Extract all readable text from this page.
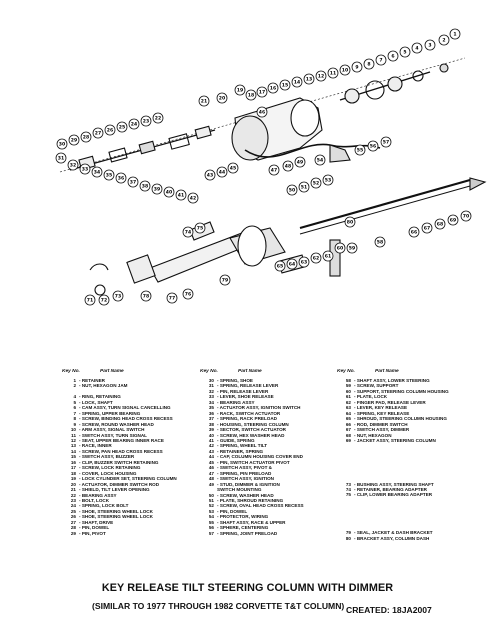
1
2
3
4
5
6
7
8
9
10
11
12
13
14
15
16
17
18
19
20
21
22
23
24
25
26
27
28
29
30
31
32
33
34
35
36
37
38
39
40
41
42
43
44
45
46
47
48
49
50
51
52
53
54
55
56
57
58
59
60
61
62
63
64
65
66
67
68
69
70
71 72
73
74
75
76
77
78
79
80
Key No.	Part Name
1 - RETAINER
2 - NUT, HEXAGON JAM
4 - RING, RETAINING
5 - LOCK, SHAFT
6 - CAM ASSY, TURN SIGNAL CANCELLING
7 - SPRING, UPPER BEARING
8 - SCREW, BINDING HEAD CROSS RECESS
9 - SCREW, ROUND WASHER HEAD
10 - ARM ASSY, SIGNAL SWITCH
11 - SWITCH ASSY, TURN SIGNAL
12 - SEAT, UPPER BEARING INNER RACE
13 - RACE, INNER
14 - SCREW, PAN HEAD CROSS RECESS
15 - SWITCH ASSY, BUZZER
16 - CLIP, BUZZER SWITCH RETAINING
17 - SCREW, LOCK RETAINING
18 - COVER, LOCK HOUSING
19 - LOCK CYLINDER SET, STEERING COLUMN
20 - ACTUATOR, DIMMER SWITCH ROD
21 - SHIELD, TILT LEVER OPENING
22 - BEARING ASSY
23 - BOLT, LOCK
24 - SPRING, LOCK BOLT
25 - SHOE, STEERING WHEEL LOCK
26 - SHOE, STEERING WHEEL LOCK
27 - SHAFT, DRIVE
28 - PIN, DOWEL
29 - PIN, PIVOT
Key No.	Part Name
30 - SPRING, SHOE
31 - SPRING, RELEASE LEVER
32 - PIN, RELEASE LEVER
33 - LEVER, SHOE RELEASE
34 - BEARING ASSY
35 - ACTUATOR ASSY, IGNITION SWITCH
36 - RACK, SWITCH ACTUATOR
37 - SPRING, RACK PRELOAD
38 - HOUSING, STEERING COLUMN
39 - SECTOR, SWITCH ACTUATOR
40 - SCREW, HEX WASHER HEAD
41 - GUIDE, SPRING
42 - SPRING, WHEEL TILT
43 - RETAINER, SPRING
44 - CAP, COLUMN HOUSING COVER END
45 - PIN, SWITCH ACTUATOR PIVOT
46 - SWITCH ASSY, PIVOT &
47 - SPRING, PIN PRELOAD
48 - SWITCH ASSY, IGNITION
49 - STUD, DIMMER & IGNITION
SWITCH MOUNTING
50 - SCREW, WASHER HEAD
51 - PLATE, SHROUD RETAINING
52 - SCREW, OVAL HEAD CROSS RECESS
53 - PIN, DOWEL
54 - PROTECTOR, WIRING
55 - SHAFT ASSY, RACE & UPPER
56 - SPHERE, CENTERING
57 - SPRING, JOINT PRELOAD
Key No.	Part Name
58 - SHAFT ASSY, LOWER STEERING
59 - SCREW, SUPPORT
60 - SUPPORT, STEERING COLUMN HOUSING
61 - PLATE, LOCK
62 - FINGER PAD, RELEASE LEVER
63 - LEVER, KEY RELEASE
64 - SPRING, KEY RELEASE
65 - SHROUD, STEERING COLUMN HOUSING
66 - ROD, DIMMER SWITCH
67 - SWITCH ASSY, DIMMER
68 - NUT, HEXAGON
69 - JACKET ASSY, STEERING COLUMN
73 - BUSHING ASSY, STEERING SHAFT
74 - RETAINER, BEARING ADAPTER
75 - CLIP, LOWER BEARING ADAPTER
79 - SEAL, JACKET & DASH BRACKET
80 - BRACKET ASSY, COLUMN DASH
KEY RELEASE TILT STEERING COLUMN WITH DIMMER
(SIMILAR TO 1977 THROUGH 1982 CORVETTE T&T COLUMN) CREATED: 18JA2007
